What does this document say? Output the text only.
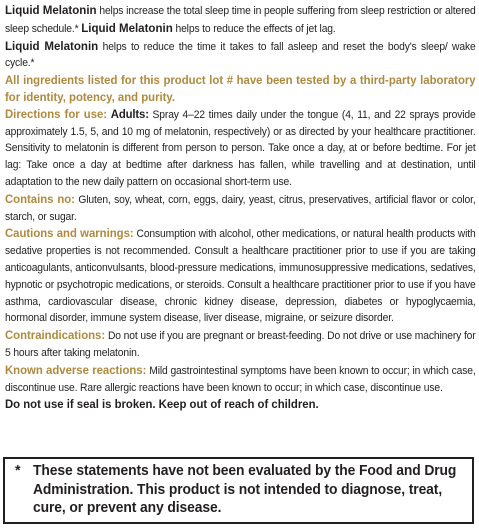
Liquid Melatonin helps increase the total sleep time in people suffering from sleep restriction or altered sleep schedule.* Liquid Melatonin helps to reduce the effects of jet lag.

Liquid Melatonin helps to reduce the time it takes to fall asleep and reset the body's sleep/ wake cycle.*

All ingredients listed for this product lot # have been tested by a third-party laboratory for identity, potency, and purity.

Directions for use: Adults: Spray 4–22 times daily under the tongue (4, 11, and 22 sprays provide approximately 1.5, 5, and 10 mg of melatonin, respectively) or as directed by your healthcare practitioner. Sensitivity to melatonin is different from person to person. Take once a day, at or before bedtime. For jet lag: Take once a day at bedtime after darkness has fallen, while travelling and at destination, until adaptation to the new daily pattern on occasional short-term use.

Contains no: Gluten, soy, wheat, corn, eggs, dairy, yeast, citrus, preservatives, artificial flavor or color, starch, or sugar.

Cautions and warnings: Consumption with alcohol, other medications, or natural health products with sedative properties is not recommended. Consult a healthcare practitioner prior to use if you are taking anticoagulants, anticonvulsants, blood-pressure medications, immunosuppressive medications, sedatives, hypnotic or psychotropic medications, or steroids. Consult a healthcare practitioner prior to use if you have asthma, cardiovascular disease, chronic kidney disease, depression, diabetes or hypoglycaemia, hormonal disorder, immune system disease, liver disease, migraine, or seizure disorder.

Contraindications: Do not use if you are pregnant or breast-feeding. Do not drive or use machinery for 5 hours after taking melatonin.

Known adverse reactions: Mild gastrointestinal symptoms have been known to occur; in which case, discontinue use. Rare allergic reactions have been known to occur; in which case, discontinue use.

Do not use if seal is broken. Keep out of reach of children.

* These statements have not been evaluated by the Food and Drug Administration. This product is not intended to diagnose, treat, cure, or prevent any disease.
